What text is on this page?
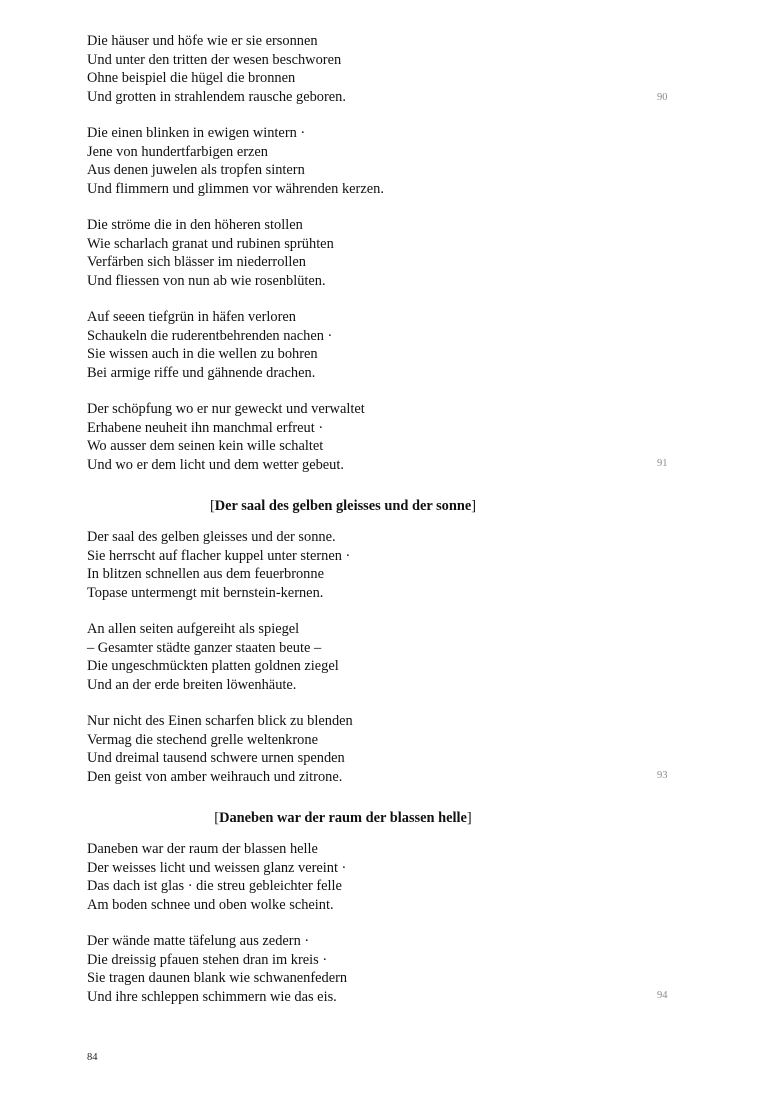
Die häuser und höfe wie er sie ersonnen
Und unter den tritten der wesen beschworen
Ohne beispiel die hügel die bronnen
Und grotten in strahlendem rausche geboren.
Die einen blinken in ewigen wintern ·
Jene von hundertfarbigen erzen
Aus denen juwelen als tropfen sintern
Und flimmern und glimmen vor währenden kerzen.
Die ströme die in den höheren stollen
Wie scharlach granat und rubinen sprühten
Verfärben sich blässer im niederrollen
Und fliessen von nun ab wie rosenblüten.
Auf seeen tiefgrün in häfen verloren
Schaukeln die ruderentbehrenden nachen ·
Sie wissen auch in die wellen zu bohren
Bei armige riffe und gähnende drachen.
Der schöpfung wo er nur geweckt und verwaltet
Erhabene neuheit ihn manchmal erfreut ·
Wo ausser dem seinen kein wille schaltet
Und wo er dem licht und dem wetter gebeut.
[Der saal des gelben gleisses und der sonne]
Der saal des gelben gleisses und der sonne.
Sie herrscht auf flacher kuppel unter sternen ·
In blitzen schnellen aus dem feuerbronne
Topase untermengt mit bernstein-kernen.
An allen seiten aufgereiht als spiegel
– Gesamter städte ganzer staaten beute –
Die ungeschmückten platten goldnen ziegel
Und an der erde breiten löwenhäute.
Nur nicht des Einen scharfen blick zu blenden
Vermag die stechend grelle weltenkrone
Und dreimal tausend schwere urnen spenden
Den geist von amber weihrauch und zitrone.
[Daneben war der raum der blassen helle]
Daneben war der raum der blassen helle
Der weisses licht und weissen glanz vereint ·
Das dach ist glas · die streu gebleichter felle
Am boden schnee und oben wolke scheint.
Der wände matte täfelung aus zedern ·
Die dreissig pfauen stehen dran im kreis ·
Sie tragen daunen blank wie schwanenfedern
Und ihre schleppen schimmern wie das eis.
90
91
93
94
84
